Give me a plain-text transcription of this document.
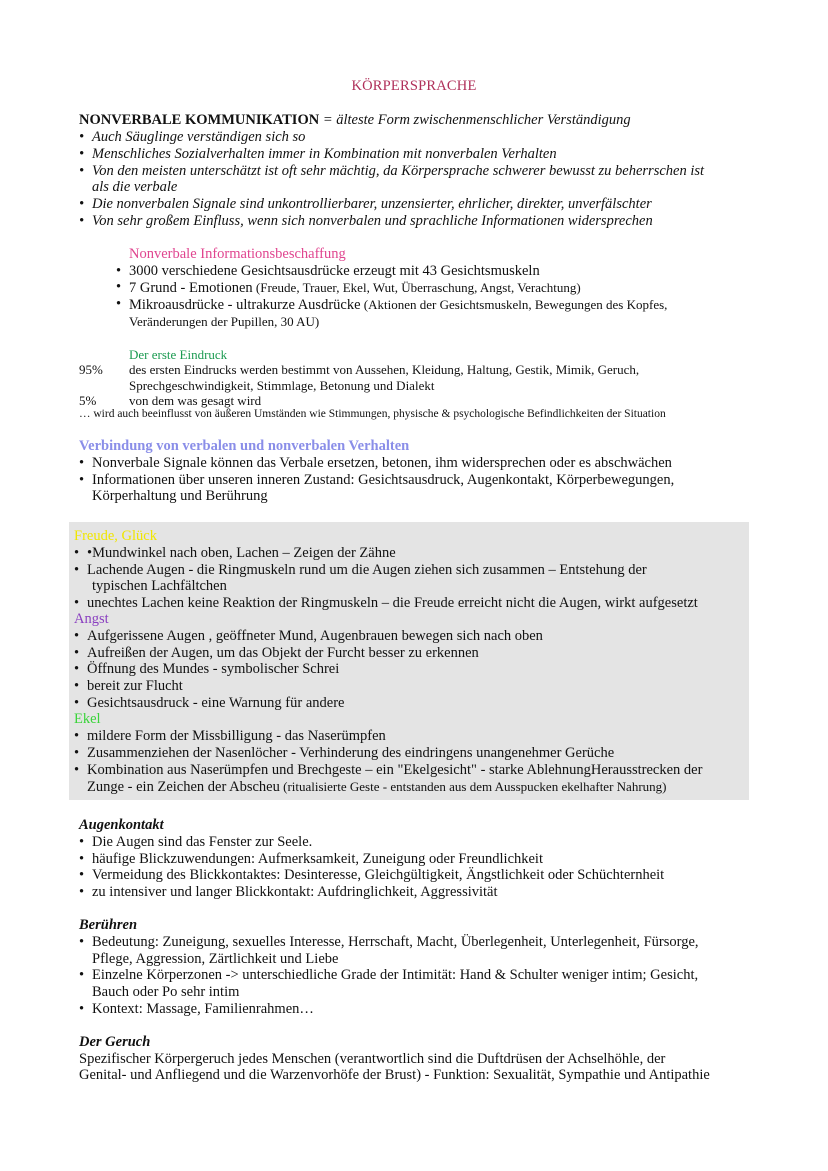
KÖRPERSPRACHE
NONVERBALE KOMMUNIKATION = älteste Form zwischenmenschlicher Verständigung
• Auch Säuglinge verständigen sich so
• Menschliches Sozialverhalten immer in Kombination mit nonverbalen Verhalten
• Von den meisten unterschätzt ist oft sehr mächtig, da Körpersprache schwerer bewusst zu beherrschen ist
als die verbale
• Die nonverbalen Signale sind unkontrollierbarer, unzensierter, ehrlicher, direkter, unverfälschter
• Von sehr großem Einfluss, wenn sich nonverbalen und sprachliche Informationen widersprechen
Nonverbale Informationsbeschaffung
• 3000 verschiedene Gesichtsausdrücke erzeugt mit 43 Gesichtsmuskeln
• 7 Grund - Emotionen (Freude, Trauer, Ekel, Wut, Überraschung, Angst, Verachtung)
• Mikroausdrücke - ultrakurze Ausdrücke (Aktionen der Gesichtsmuskeln, Bewegungen des Kopfes,
Veränderungen der Pupillen, 30 AU)
Der erste Eindruck
95% des ersten Eindrucks werden bestimmt von Aussehen, Kleidung, Haltung, Gestik, Mimik, Geruch,
Sprechgeschwindigkeit, Stimmlage, Betonung und Dialekt
5%	von dem was gesagt wird
… wird auch beeinflusst von äußeren Umständen wie Stimmungen, physische & psychologische Befindlichkeiten der Situation
Verbindung von verbalen und nonverbalen Verhalten
• Nonverbale Signale können das Verbale ersetzen, betonen, ihm widersprechen oder es abschwächen
• Informationen über unseren inneren Zustand: Gesichtsausdruck, Augenkontakt, Körperbewegungen,
Körperhaltung und Berührung
Freude, Glück
• •Mundwinkel nach oben, Lachen – Zeigen der Zähne
• Lachende Augen - die Ringmuskeln rund um die Augen ziehen sich zusammen – Entstehung der
typischen Lachfältchen
• unechtes Lachen keine Reaktion der Ringmuskeln – die Freude erreicht nicht die Augen, wirkt aufgesetzt
Angst
• Aufgerissene Augen , geöffneter Mund, Augenbrauen bewegen sich nach oben
• Aufreißen der Augen, um das Objekt der Furcht besser zu erkennen
• Öffnung des Mundes - symbolischer Schrei
• bereit zur Flucht
• Gesichtsausdruck - eine Warnung für andere
Ekel
• mildere Form der Missbilligung - das Naserümpfen
• Zusammenziehen der Nasenlöcher - Verhinderung des eindringens unangenehmer Gerüche
• Kombination aus Naserümpfen und Brechgeste – ein "Ekelgesicht" - starke AblehnungHerausstrecken der
Zunge - ein Zeichen der Abscheu (ritualisierte Geste - entstanden aus dem Ausspucken ekelhafter Nahrung)
Augenkontakt
• Die Augen sind das Fenster zur Seele.
• häufige Blickzuwendungen: Aufmerksamkeit, Zuneigung oder Freundlichkeit
• Vermeidung des Blickkontaktes: Desinteresse, Gleichgültigkeit, Ängstlichkeit oder Schüchternheit
• zu intensiver und langer Blickkontakt: Aufdringlichkeit, Aggressivität
Berühren
• Bedeutung: Zuneigung, sexuelles Interesse, Herrschaft, Macht, Überlegenheit, Unterlegenheit, Fürsorge,
Pflege, Aggression, Zärtlichkeit und Liebe
• Einzelne Körperzonen -> unterschiedliche Grade der Intimität: Hand & Schulter weniger intim; Gesicht,
Bauch oder Po sehr intim
• Kontext: Massage, Familienrahmen…
Der Geruch
Spezifischer Körpergeruch jedes Menschen (verantwortlich sind die Duftdrüsen der Achselhöhle, der
Genital- und Anfliegend und die Warzenvorhöfe der Brust) - Funktion: Sexualität, Sympathie und Antipathie
